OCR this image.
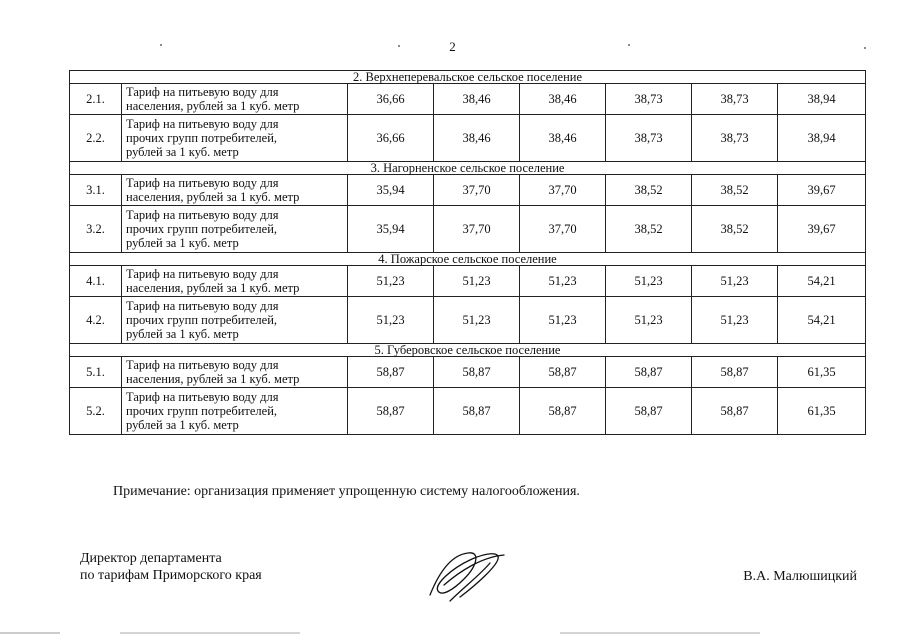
2
2. Верхнеперевальское сельское поселение							
2.1.	Тариф на питьевую воду для
населения, рублей за 1 куб. метр	36,66	38,46	38,46	38,73	38,73	38,94
2.2.	Тариф на питьевую воду для
прочих групп потребителей,
рублей за 1 куб. метр	36,66	38,46	38,46	38,73	38,73	38,94
3. Нагорненское сельское поселение							
3.1.	Тариф на питьевую воду для
населения, рублей за 1 куб. метр	35,94	37,70	37,70	38,52	38,52	39,67
3.2.	Тариф на питьевую воду для
прочих групп потребителей,
рублей за 1 куб. метр	35,94	37,70	37,70	38,52	38,52	39,67
4. Пожарское сельское поселение							
4.1.	Тариф на питьевую воду для
населения, рублей за 1 куб. метр	51,23	51,23	51,23	51,23	51,23	54,21
4.2.	Тариф на питьевую воду для
прочих групп потребителей,
рублей за 1 куб. метр	51,23	51,23	51,23	51,23	51,23	54,21
5. Губеровское сельское поселение							
5.1.	Тариф на питьевую воду для
населения, рублей за 1 куб. метр	58,87	58,87	58,87	58,87	58,87	61,35
5.2.	Тариф на питьевую воду для
прочих групп потребителей,
рублей за 1 куб. метр	58,87	58,87	58,87	58,87	58,87	61,35
Примечание: организация применяет упрощенную систему налогообложения.
Директор департамента
по тарифам Приморского края	В.А. Малюшицкий
